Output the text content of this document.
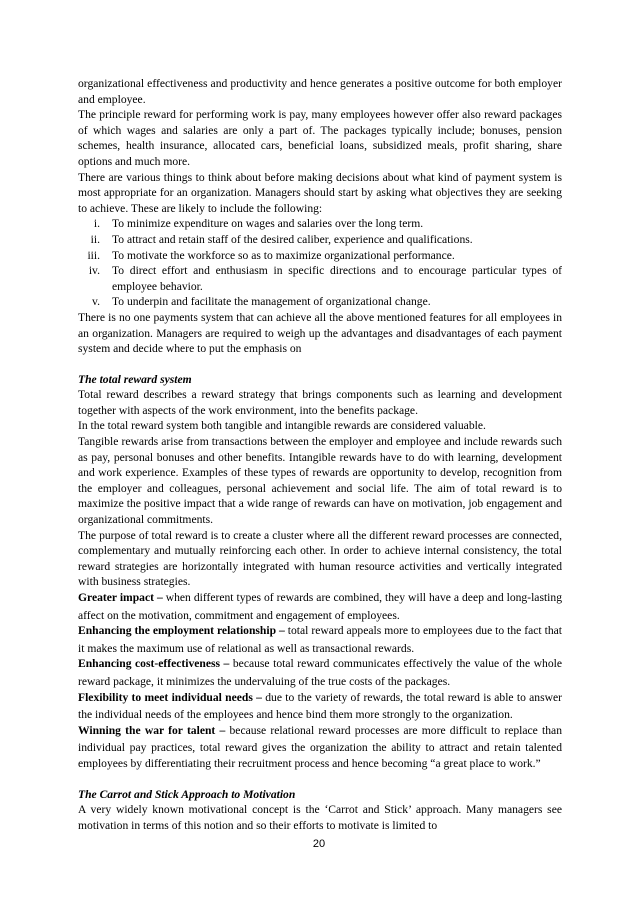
organizational effectiveness and productivity and hence generates a positive outcome for both employer and employee.

The principle reward for performing work is pay, many employees however offer also reward packages of which wages and salaries are only a part of. The packages typically include; bonuses, pension schemes, health insurance, allocated cars, beneficial loans, subsidized meals, profit sharing, share options and much more.

There are various things to think about before making decisions about what kind of payment system is most appropriate for an organization. Managers should start by asking what objectives they are seeking to achieve. These are likely to include the following:

i.	To minimize expenditure on wages and salaries over the long term.
ii.	To attract and retain staff of the desired caliber, experience and qualifications.
iii.	To motivate the workforce so as to maximize organizational performance.
iv.	To direct effort and enthusiasm in specific directions and to encourage particular types of employee behavior.
v.	To underpin and facilitate the management of organizational change.

There is no one payments system that can achieve all the above mentioned features for all employees in an organization. Managers are required to weigh up the advantages and disadvantages of each payment system and decide where to put the emphasis on

The total reward system

Total reward describes a reward strategy that brings components such as learning and development together with aspects of the work environment, into the benefits package.

In the total reward system both tangible and intangible rewards are considered valuable.

Tangible rewards arise from transactions between the employer and employee and include rewards such as pay, personal bonuses and other benefits. Intangible rewards have to do with learning, development and work experience. Examples of these types of rewards are opportunity to develop, recognition from the employer and colleagues, personal achievement and social life. The aim of total reward is to maximize the positive impact that a wide range of rewards can have on motivation, job engagement and organizational commitments.

The purpose of total reward is to create a cluster where all the different reward processes are connected, complementary and mutually reinforcing each other. In order to achieve internal consistency, the total reward strategies are horizontally integrated with human resource activities and vertically integrated with business strategies.

Greater impact – when different types of rewards are combined, they will have a deep and long-lasting affect on the motivation, commitment and engagement of employees.

Enhancing the employment relationship – total reward appeals more to employees due to the fact that it makes the maximum use of relational as well as transactional rewards.

Enhancing cost-effectiveness – because total reward communicates effectively the value of the whole reward package, it minimizes the undervaluing of the true costs of the packages.

Flexibility to meet individual needs – due to the variety of rewards, the total reward is able to answer the individual needs of the employees and hence bind them more strongly to the organization.

Winning the war for talent – because relational reward processes are more difficult to replace than individual pay practices, total reward gives the organization the ability to attract and retain talented employees by differentiating their recruitment process and hence becoming “a great place to work.”

The Carrot and Stick Approach to Motivation

A very widely known motivational concept is the ‘Carrot and Stick’ approach. Many managers see motivation in terms of this notion and so their efforts to motivate is limited to

20
